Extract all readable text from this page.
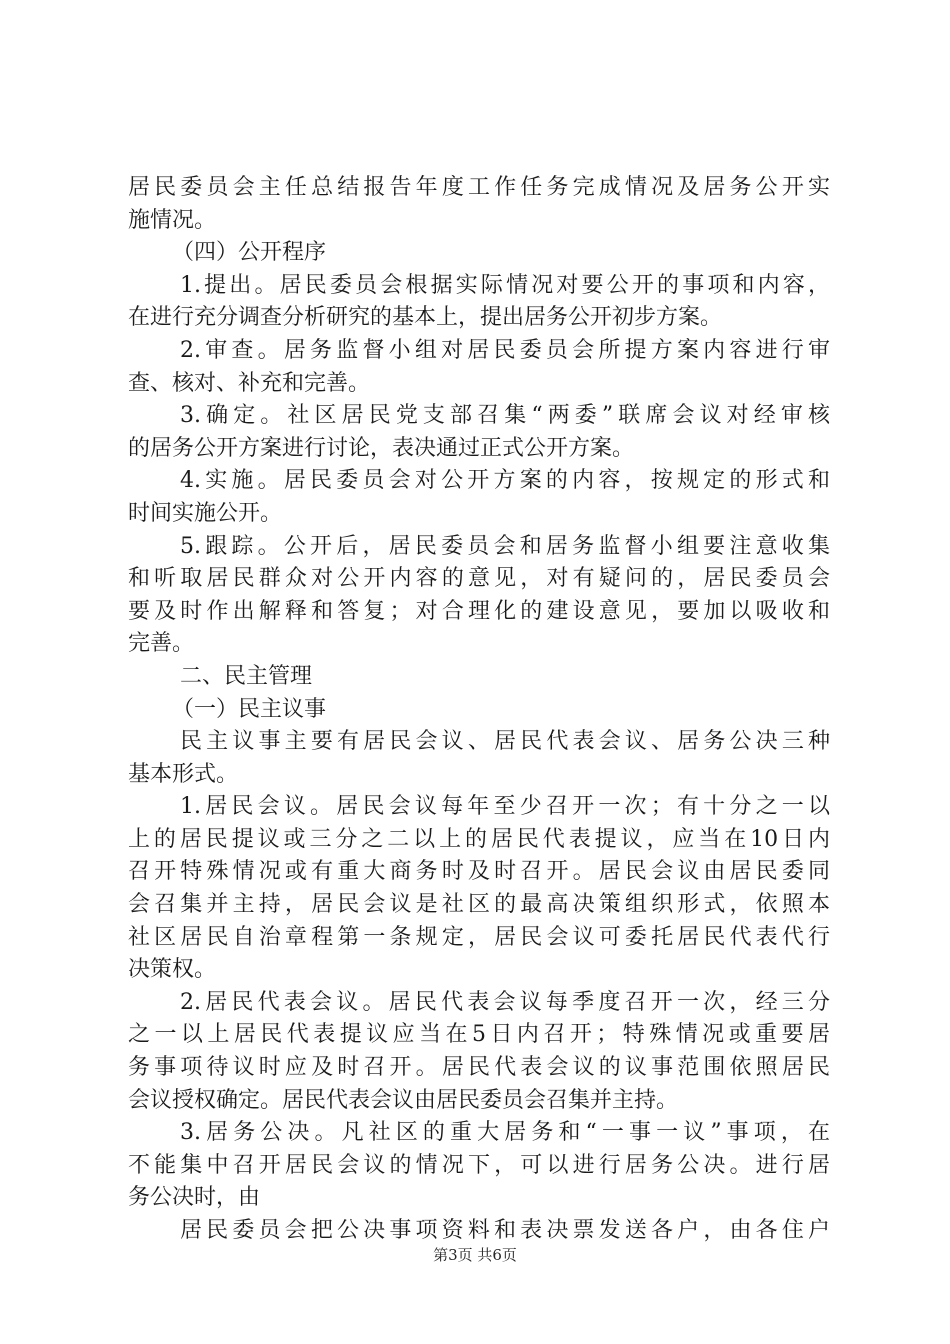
居民委员会主任总结报告年度工作任务完成情况及居务公开实
施情况。
（四）公开程序
1.提出。居民委员会根据实际情况对要公开的事项和内容，
在进行充分调查分析研究的基本上，提出居务公开初步方案。
2.审查。居务监督小组对居民委员会所提方案内容进行审
查、核对、补充和完善。
3.确定。社区居民党支部召集“两委”联席会议对经审核
的居务公开方案进行讨论，表决通过正式公开方案。
4.实施。居民委员会对公开方案的内容，按规定的形式和
时间实施公开。
5.跟踪。公开后，居民委员会和居务监督小组要注意收集
和听取居民群众对公开内容的意见，对有疑问的，居民委员会
要及时作出解释和答复；对合理化的建设意见，要加以吸收和
完善。
二、民主管理
（一）民主议事
民主议事主要有居民会议、居民代表会议、居务公决三种
基本形式。
1.居民会议。居民会议每年至少召开一次；有十分之一以
上的居民提议或三分之二以上的居民代表提议，应当在10日内
召开特殊情况或有重大商务时及时召开。居民会议由居民委同
会召集并主持，居民会议是社区的最高决策组织形式，依照本
社区居民自治章程第一条规定，居民会议可委托居民代表代行
决策权。
2.居民代表会议。居民代表会议每季度召开一次，经三分
之一以上居民代表提议应当在5日内召开；特殊情况或重要居
务事项待议时应及时召开。居民代表会议的议事范围依照居民
会议授权确定。居民代表会议由居民委员会召集并主持。
3.居务公决。凡社区的重大居务和“一事一议”事项，在
不能集中召开居民会议的情况下，可以进行居务公决。进行居
务公决时，由
居民委员会把公决事项资料和表决票发送各户，由各住户
第3页 共6页
